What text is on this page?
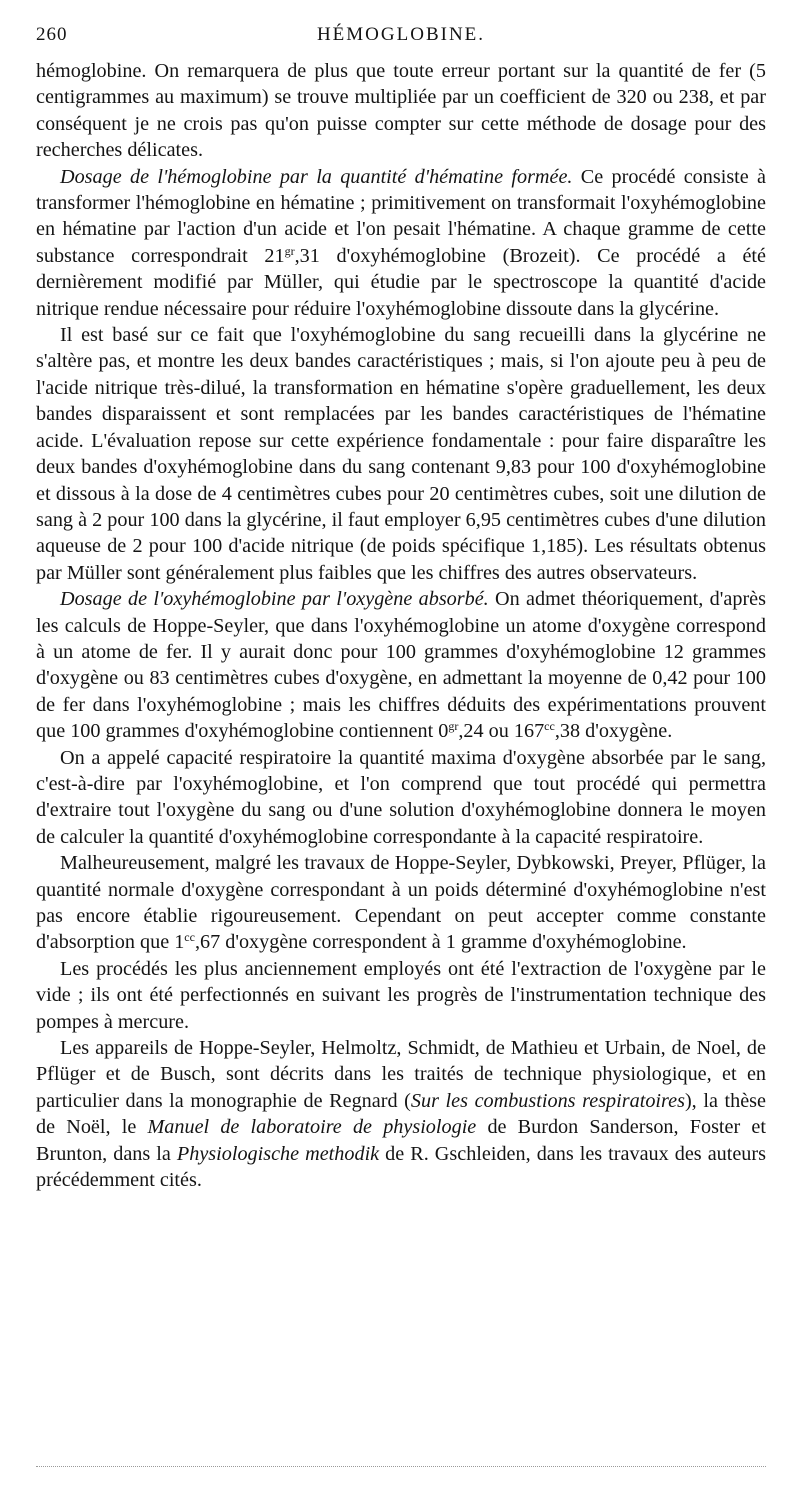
260	HÉMOGLOBINE.

hémoglobine. On remarquera de plus que toute erreur portant sur la quantité de fer (5 centigrammes au maximum) se trouve multipliée par un coefficient de 320 ou 238, et par conséquent je ne crois pas qu'on puisse compter sur cette méthode de dosage pour des recherches délicates.

Dosage de l'hémoglobine par la quantité d'hématine formée. Ce procédé consiste à transformer l'hémoglobine en hématine ; primitivement on transformait l'oxyhémoglobine en hématine par l'action d'un acide et l'on pesait l'hématine. A chaque gramme de cette substance correspondrait $21^{gr},31$ d'oxyhémoglobine (Brozeit). Ce procédé a été dernièrement modifié par Müller, qui étudie par le spectroscope la quantité d'acide nitrique rendue nécessaire pour réduire l'oxyhémoglobine dissoute dans la glycérine.

Il est basé sur ce fait que l'oxyhémoglobine du sang recueilli dans la glycérine ne s'altère pas, et montre les deux bandes caractéristiques ; mais, si l'on ajoute peu à peu de l'acide nitrique très-dilué, la transformation en hématine s'opère graduellement, les deux bandes disparaissent et sont remplacées par les bandes caractéristiques de l'hématine acide. L'évaluation repose sur cette expérience fondamentale : pour faire disparaître les deux bandes d'oxyhémoglobine dans du sang contenant 9,83 pour 100 d'oxyhémoglobine et dissous à la dose de 4 centimètres cubes pour 20 centimètres cubes, soit une dilution de sang à 2 pour 100 dans la glycérine, il faut employer 6,95 centimètres cubes d'une dilution aqueuse de 2 pour 100 d'acide nitrique (de poids spécifique 1,185). Les résultats obtenus par Müller sont généralement plus faibles que les chiffres des autres observateurs.

Dosage de l'oxyhémoglobine par l'oxygène absorbé. On admet théoriquement, d'après les calculs de Hoppe-Seyler, que dans l'oxyhémoglobine un atome d'oxygène correspond à un atome de fer. Il y aurait donc pour 100 grammes d'oxyhémoglobine 12 grammes d'oxygène ou 83 centimètres cubes d'oxygène, en admettant la moyenne de 0,42 pour 100 de fer dans l'oxyhémoglobine ; mais les chiffres déduits des expérimentations prouvent que 100 grammes d'oxyhémoglobine contiennent $0^{gr},24$ ou $167^{cc},38$ d'oxygène.

On a appelé capacité respiratoire la quantité maxima d'oxygène absorbée par le sang, c'est-à-dire par l'oxyhémoglobine, et l'on comprend que tout procédé qui permettra d'extraire tout l'oxygène du sang ou d'une solution d'oxyhémoglobine donnera le moyen de calculer la quantité d'oxyhémoglobine correspondante à la capacité respiratoire.

Malheureusement, malgré les travaux de Hoppe-Seyler, Dybkowski, Preyer, Pflüger, la quantité normale d'oxygène correspondant à un poids déterminé d'oxyhémoglobine n'est pas encore établie rigoureusement. Cependant on peut accepter comme constante d'absorption que $1^{cc},67$ d'oxygène correspondent à 1 gramme d'oxyhémoglobine.

Les procédés les plus anciennement employés ont été l'extraction de l'oxygène par le vide ; ils ont été perfectionnés en suivant les progrès de l'instrumentation technique des pompes à mercure.

Les appareils de Hoppe-Seyler, Helmoltz, Schmidt, de Mathieu et Urbain, de Noel, de Pflüger et de Busch, sont décrits dans les traités de technique physiologique, et en particulier dans la monographie de Regnard (Sur les combustions respiratoires), la thèse de Noël, le Manuel de laboratoire de physiologie de Burdon Sanderson, Foster et Brunton, dans la Physiologische methodik de R. Gschleiden, dans les travaux des auteurs précédemment cités.
